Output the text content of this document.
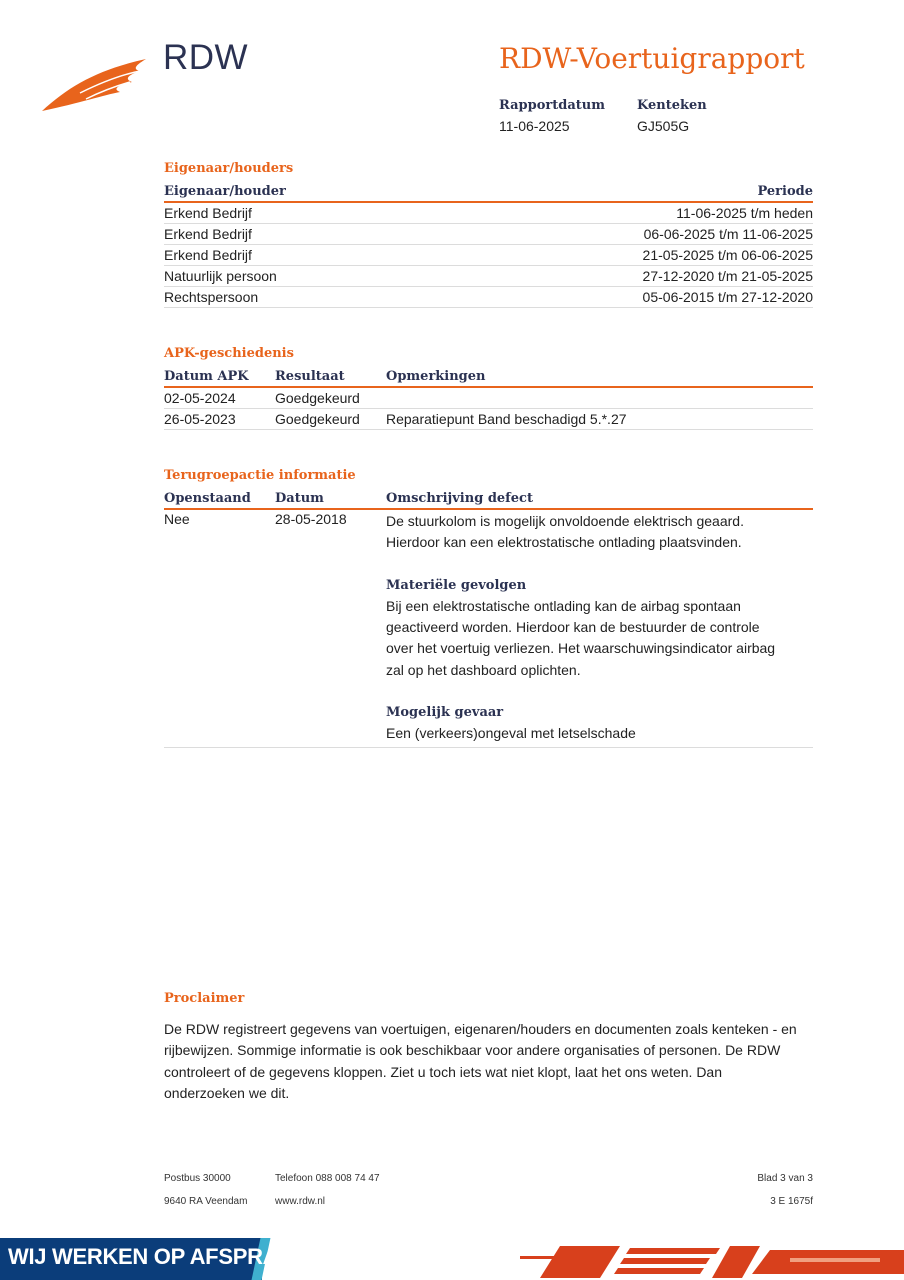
RDW	RDW-Voertuigrapport
Rapportdatum
11-06-2025
Kenteken
GJ505G
Eigenaar/houders
Eigenaar/houder	Periode
Erkend Bedrijf	11-06-2025 t/m heden
Erkend Bedrijf	06-06-2025 t/m 11-06-2025
Erkend Bedrijf	21-05-2025 t/m 06-06-2025
Natuurlijk persoon	27-12-2020 t/m 21-05-2025
Rechtspersoon	05-06-2015 t/m 27-12-2020
APK-geschiedenis
Datum APK	Resultaat	Opmerkingen
02-05-2024	Goedgekeurd	
26-05-2023	Goedgekeurd	Reparatiepunt Band beschadigd 5.*.27
Terugroepactie informatie
Openstaand	Datum	Omschrijving defect
Nee	28-05-2018	De stuurkolom is mogelijk onvoldoende elektrisch geaard. Hierdoor kan een elektrostatische ontlading plaatsvinden.
Materiële gevolgen
Bij een elektrostatische ontlading kan de airbag spontaan geactiveerd worden. Hierdoor kan de bestuurder de controle over het voertuig verliezen. Het waarschuwingsindicator airbag zal op het dashboard oplichten.
Mogelijk gevaar
Een (verkeers)ongeval met letselschade
Proclaimer
De RDW registreert gegevens van voertuigen, eigenaren/houders en documenten zoals kenteken - en rijbewijzen. Sommige informatie is ook beschikbaar voor andere organisaties of personen. De RDW controleert of de gegevens kloppen. Ziet u toch iets wat niet klopt, laat het ons weten. Dan onderzoeken we dit.
Postbus 30000
9640 RA Veendam
Telefoon 088 008 74 47
www.rdw.nl
Blad 3 van 3
3 E 1675f
WIJ WERKEN OP AFSPRAAK
